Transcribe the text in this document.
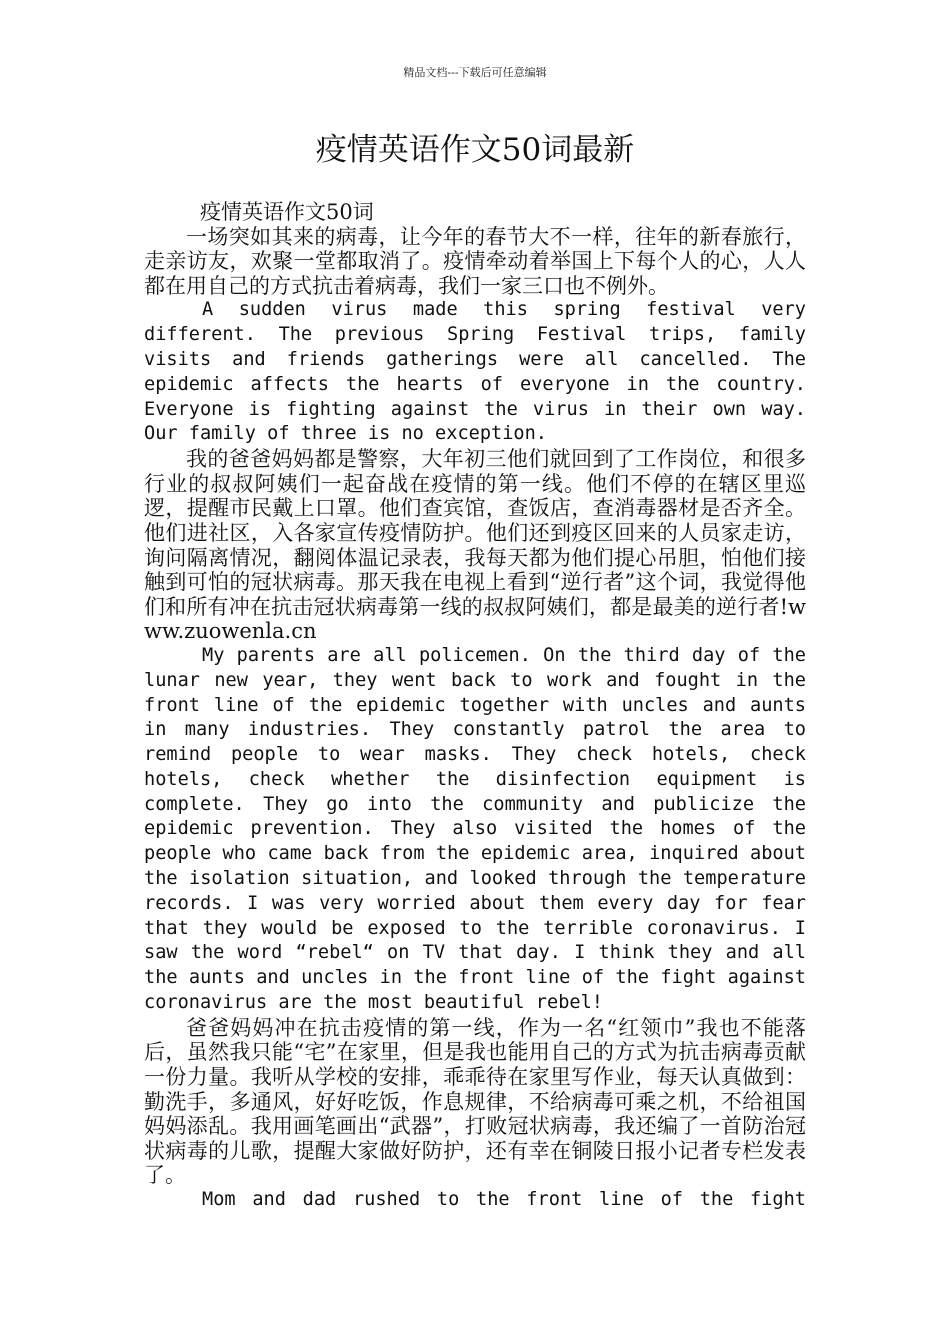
精品文档---下载后可任意编辑
疫情英语作文50词最新

疫情英语作文50词

一场突如其来的病毒，让今年的春节大不一样，往年的新春旅行，走亲访友，欢聚一堂都取消了。疫情牵动着举国上下每个人的心，人人都在用自己的方式抗击着病毒，我们一家三口也不例外。

A sudden virus made this spring festival very different. The previous Spring Festival trips, family visits and friends gatherings were all cancelled. The epidemic affects the hearts of everyone in the country. Everyone is fighting against the virus in their own way. Our family of three is no exception.

我的爸爸妈妈都是警察，大年初三他们就回到了工作岗位，和很多行业的叔叔阿姨们一起奋战在疫情的第一线。他们不停的在辖区里巡逻，提醒市民戴上口罩。他们查宾馆，查饭店，查消毒器材是否齐全。他们进社区，入各家宣传疫情防护。他们还到疫区回来的人员家走访，询问隔离情况，翻阅体温记录表，我每天都为他们提心吊胆，怕他们接触到可怕的冠状病毒。那天我在电视上看到“逆行者”这个词，我觉得他们和所有冲在抗击冠状病毒第一线的叔叔阿姨们，都是最美的逆行者!www.zuowenla.cn

My parents are all policemen. On the third day of the lunar new year, they went back to work and fought in the front line of the epidemic together with uncles and aunts in many industries. They constantly patrol the area to remind people to wear masks. They check hotels, check hotels, check whether the disinfection equipment is complete. They go into the community and publicize the epidemic prevention. They also visited the homes of the people who came back from the epidemic area, inquired about the isolation situation, and looked through the temperature records. I was very worried about them every day for fear that they would be exposed to the terrible coronavirus. I saw the word “rebel“ on TV that day. I think they and all the aunts and uncles in the front line of the fight against coronavirus are the most beautiful rebel!

爸爸妈妈冲在抗击疫情的第一线，作为一名“红领巾”我也不能落后，虽然我只能“宅”在家里，但是我也能用自己的方式为抗击病毒贡献一份力量。我听从学校的安排，乖乖待在家里写作业，每天认真做到：勤洗手，多通风，好好吃饭，作息规律，不给病毒可乘之机，不给祖国妈妈添乱。我用画笔画出“武器”，打败冠状病毒，我还编了一首防治冠状病毒的儿歌，提醒大家做好防护，还有幸在铜陵日报小记者专栏发表了。

Mom and dad rushed to the front line of the fight
